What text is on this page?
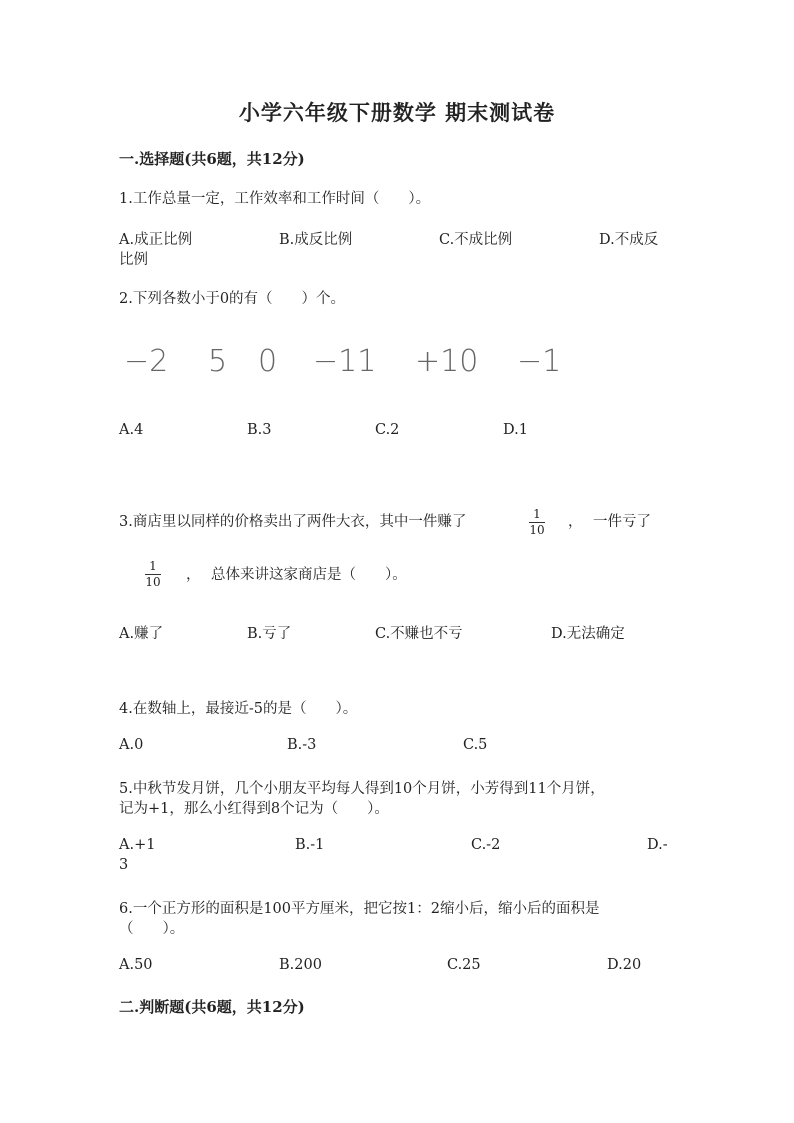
小学六年级下册数学 期末测试卷
一.选择题(共6题，共12分)
1.工作总量一定，工作效率和工作时间（　　）。
A.成正比例	B.成反比例	C.不成比例	D.不成反
比例
2.下列各数小于0的有（　　）个。
−2 5 0 −11 +10 −1
A.4	B.3	C.2	D.1
3.商店里以同样的价格卖出了两件大衣，其中一件赚了	1
10 ， 一件亏了
1
10 ， 总体来讲这家商店是（　　）。
A.赚了	B.亏了	C.不赚也不亏	D.无法确定
4.在数轴上，最接近-5的是（　　）。
A.0	B.-3	C.5
5.中秋节发月饼，几个小朋友平均每人得到10个月饼，小芳得到11个月饼，
记为+1，那么小红得到8个记为（　　）。
A.+1	B.-1	C.-2	D.-
3
6.一个正方形的面积是100平方厘米，把它按1：2缩小后，缩小后的面积是
（　　）。
A.50	B.200	C.25	D.20
二.判断题(共6题，共12分)
